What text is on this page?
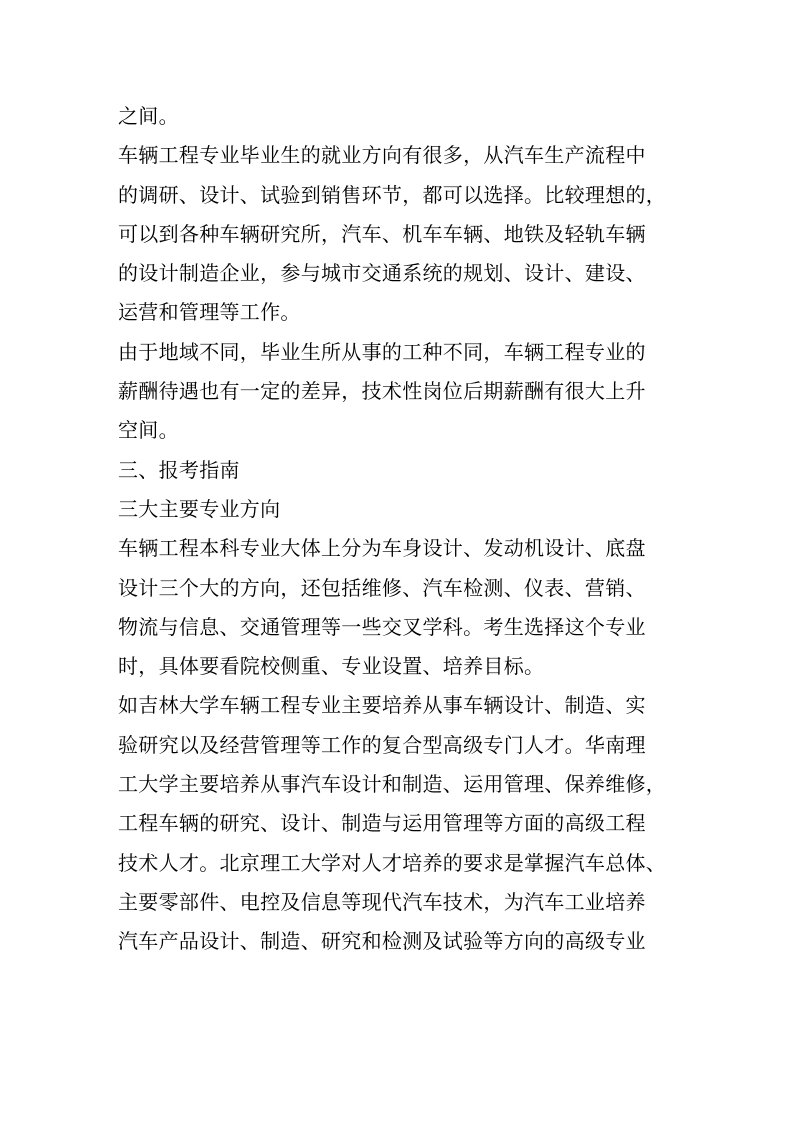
之间。
车辆工程专业毕业生的就业方向有很多，从汽车生产流程中
的调研、设计、试验到销售环节，都可以选择。比较理想的，
可以到各种车辆研究所，汽车、机车车辆、地铁及轻轨车辆
的设计制造企业，参与城市交通系统的规划、设计、建设、
运营和管理等工作。
由于地域不同，毕业生所从事的工种不同，车辆工程专业的
薪酬待遇也有一定的差异，技术性岗位后期薪酬有很大上升
空间。
三、报考指南
三大主要专业方向
车辆工程本科专业大体上分为车身设计、发动机设计、底盘
设计三个大的方向，还包括维修、汽车检测、仪表、营销、
物流与信息、交通管理等一些交叉学科。考生选择这个专业
时，具体要看院校侧重、专业设置、培养目标。
如吉林大学车辆工程专业主要培养从事车辆设计、制造、实
验研究以及经营管理等工作的复合型高级专门人才。华南理
工大学主要培养从事汽车设计和制造、运用管理、保养维修，
工程车辆的研究、设计、制造与运用管理等方面的高级工程
技术人才。北京理工大学对人才培养的要求是掌握汽车总体、
主要零部件、电控及信息等现代汽车技术，为汽车工业培养
汽车产品设计、制造、研究和检测及试验等方向的高级专业
